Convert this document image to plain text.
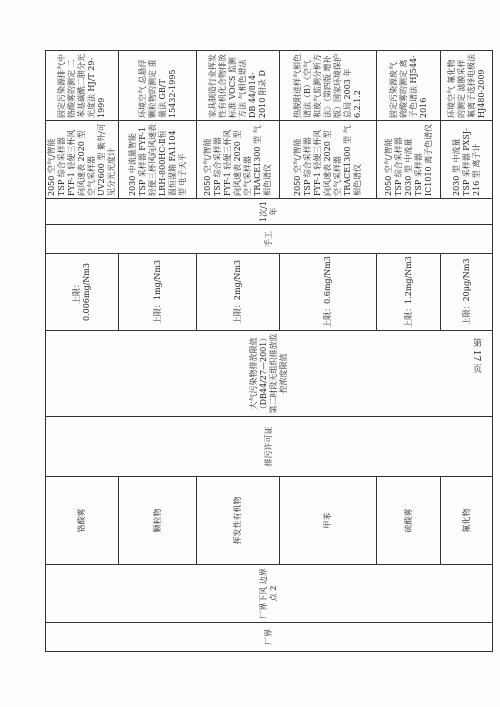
厂界	厂界下风 边界点 2	铬酸雾	排污许可证	大气污染物排放限值（DB44/27—2001）第二时段无组织排放监控浓度限值	上限：0.006mg/Nm3	手工	1次/1年	2050 空气/智能 TSP 综合采样器 FYF-1 轻便三杯风向风速表 2020 型 空气采样器 UV2600 型 紫外/可见分光光度计	固定污染源排气中铬酸雾的测定 二苯基碳酰二肼分光光度法 HJ/T 29-1999
		颗粒物			上限：1mg/Nm3			2030 中流量智能 TSP 采样器 FYF-1 轻便三杯风向风速表 LRH-800HC-Ⅱ恒温恒湿箱 FA1104 型 电子天平	环境空气 总悬浮颗粒物的测定 重量法 GB/T 15432-1995
		挥发性有机物			上限：2mg/Nm3			2050 空气/智能 TSP 综合采样器 FYF-1 轻便三杯风向风速表 2020 型 空气采样器 TRACE1300 型 气相色谱仪	家具制造行业挥发性有机化合物排放标准 VOCS 监测方法 气相色谱法 DB 44/814-2010 附录 D
		甲苯			上限：0.6mg/Nm3			2050 空气/智能 TSP 综合采样器 FYF-1 轻便三杯风向风速表 2020 型 空气采样器 TRACE1300 型 气相色谱仪	热脱附进样气相色谱法（B）《空气和废气监测分析方法》（第四版 增补版）国家环境保护总局 2003 年 6.2.1.2
		硫酸雾			上限：1.2mg/Nm3			2050 空气/智能 TSP 综合采样器 2030 型 中流量 TSP 采样器 IC1010 离子色谱仪	固定污染源废气 硫酸雾的测定 离子色谱法 HJ544-2016
		氟化物			上限：20μg/Nm3			2030 型 中流量 TSP 采样器 PXSJ-216 型 离子计	环境空气 氟化物的测定 滤膜采样氟离子选择电极法 HJ480-2009
第 17 页
